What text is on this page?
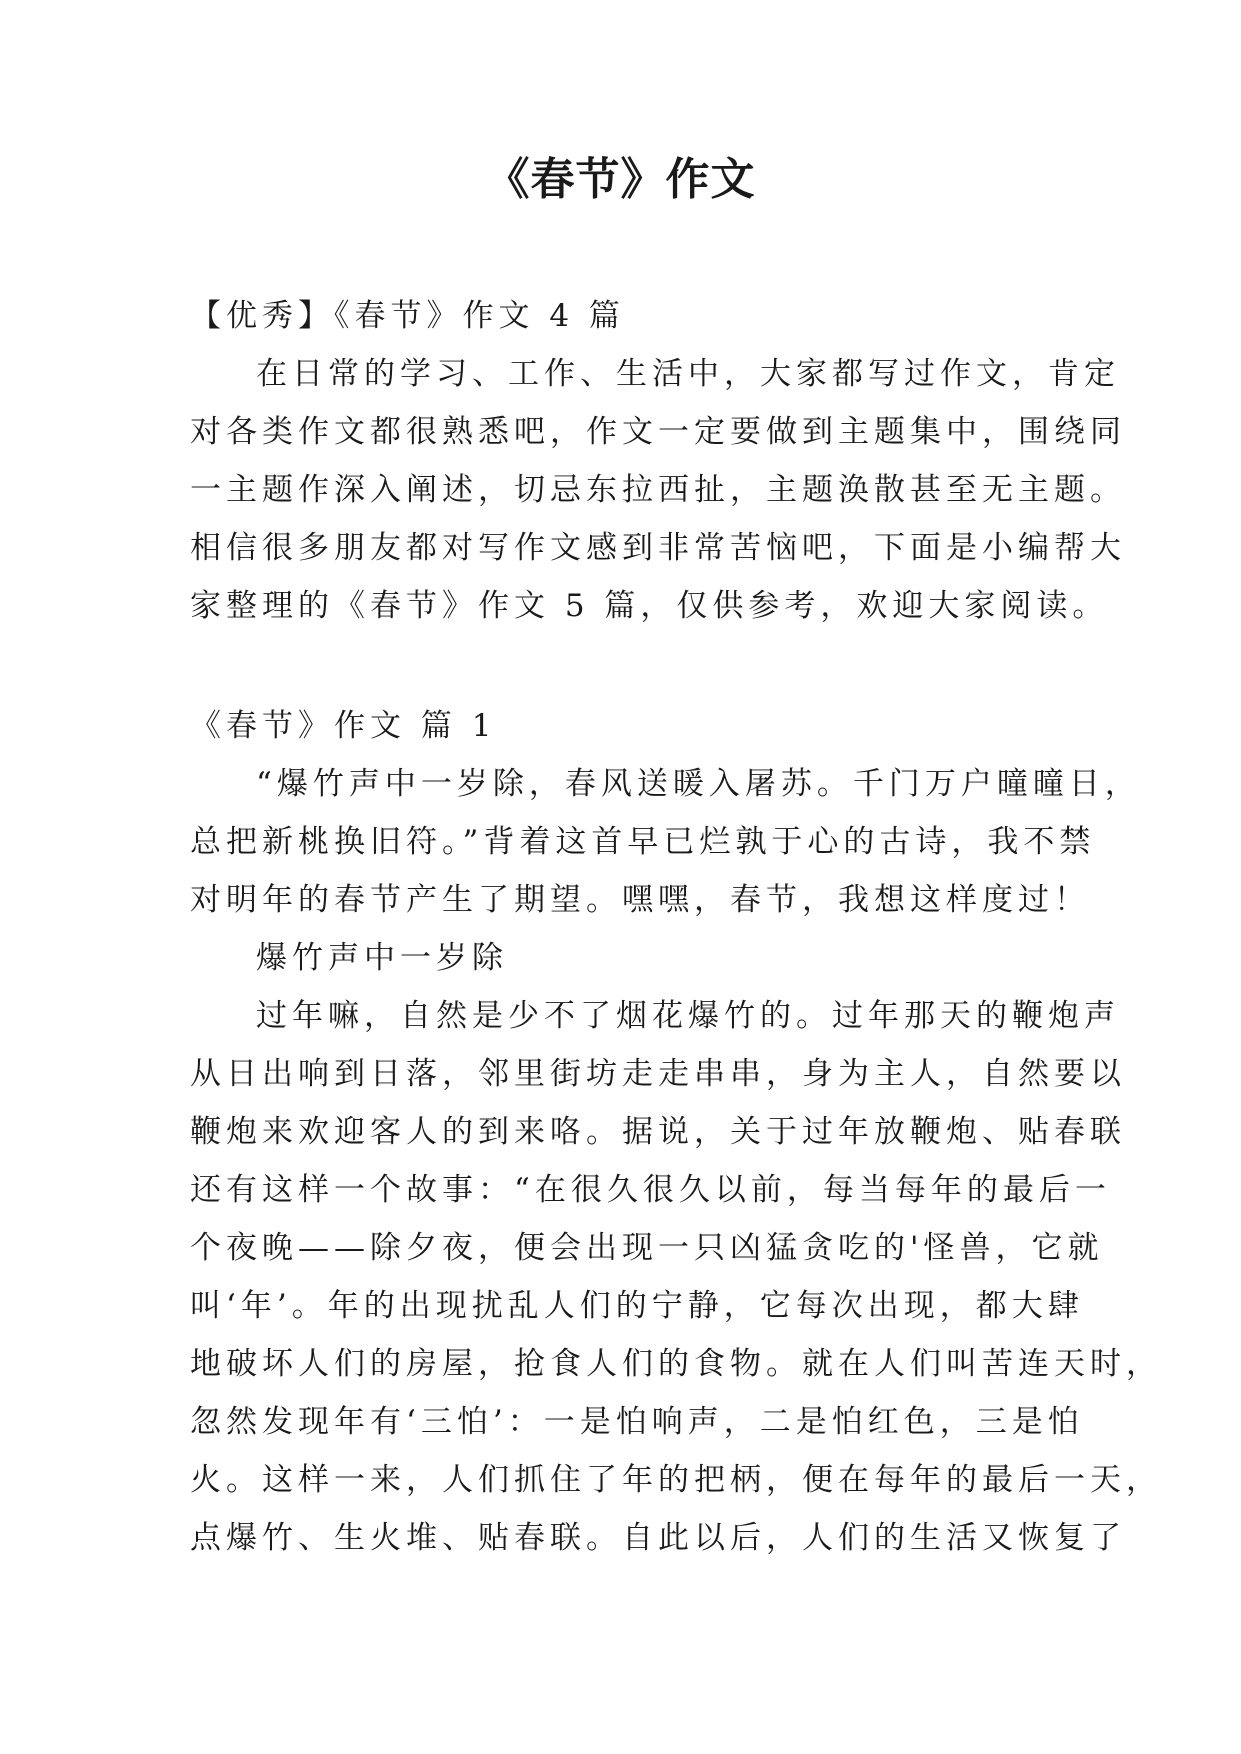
《春节》作文
【优秀】《春节》作文 4 篇
在日常的学习、工作、生活中，大家都写过作文，肯定
对各类作文都很熟悉吧，作文一定要做到主题集中，围绕同
一主题作深入阐述，切忌东拉西扯，主题涣散甚至无主题。
相信很多朋友都对写作文感到非常苦恼吧，下面是小编帮大
家整理的《春节》作文 5 篇，仅供参考，欢迎大家阅读。
《春节》作文 篇 1
“爆竹声中一岁除，春风送暖入屠苏。千门万户曈曈日，
总把新桃换旧符。”背着这首早已烂孰于心的古诗，我不禁
对明年的春节产生了期望。嘿嘿，春节，我想这样度过！
爆竹声中一岁除
过年嘛，自然是少不了烟花爆竹的。过年那天的鞭炮声
从日出响到日落，邻里街坊走走串串，身为主人，自然要以
鞭炮来欢迎客人的到来咯。据说，关于过年放鞭炮、贴春联
还有这样一个故事：“在很久很久以前，每当每年的最后一
个夜晚——除夕夜，便会出现一只凶猛贪吃的'怪兽，它就
叫‘年’。年的出现扰乱人们的宁静，它每次出现，都大肆
地破坏人们的房屋，抢食人们的食物。就在人们叫苦连天时，
忽然发现年有‘三怕’：一是怕响声，二是怕红色，三是怕
火。这样一来，人们抓住了年的把柄，便在每年的最后一天，
点爆竹、生火堆、贴春联。自此以后，人们的生活又恢复了
